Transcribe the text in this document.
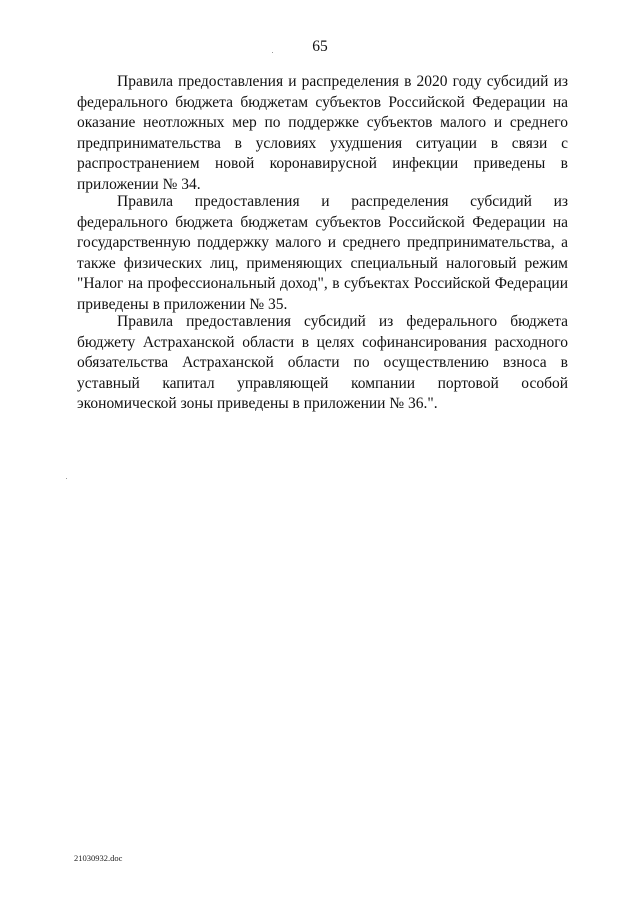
65

Правила предоставления и распределения в 2020 году субсидий из федерального бюджета бюджетам субъектов Российской Федерации на оказание неотложных мер по поддержке субъектов малого и среднего предпринимательства в условиях ухудшения ситуации в связи с распространением новой коронавирусной инфекции приведены в приложении № 34.

Правила предоставления и распределения субсидий из федерального бюджета бюджетам субъектов Российской Федерации на государственную поддержку малого и среднего предпринимательства, а также физических лиц, применяющих специальный налоговый режим "Налог на профессиональный доход", в субъектах Российской Федерации приведены в приложении № 35.

Правила предоставления субсидий из федерального бюджета бюджету Астраханской области в целях софинансирования расходного обязательства Астраханской области по осуществлению взноса в уставный капитал управляющей компании портовой особой экономической зоны приведены в приложении № 36.".

21030932.doc
